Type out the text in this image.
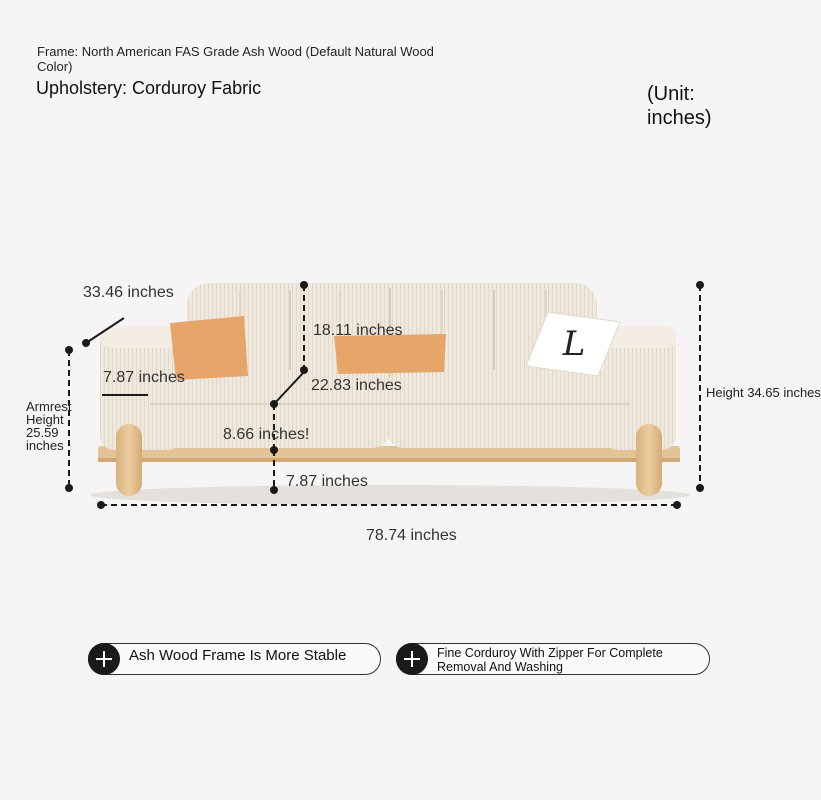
Frame: North American FAS Grade Ash Wood (Default Natural Wood Color)
Upholstery: Corduroy Fabric	(Unit: inches)
L
33.46 inches
18.11 inches
7.87 inches	22.83 inches
8.66 inches!
7.87 inches
Armrest Height 25.59 inches
Height 34.65 inches
78.74 inches
Ash Wood Frame Is More Stable	Fine Corduroy With Zipper For Complete Removal And Washing
